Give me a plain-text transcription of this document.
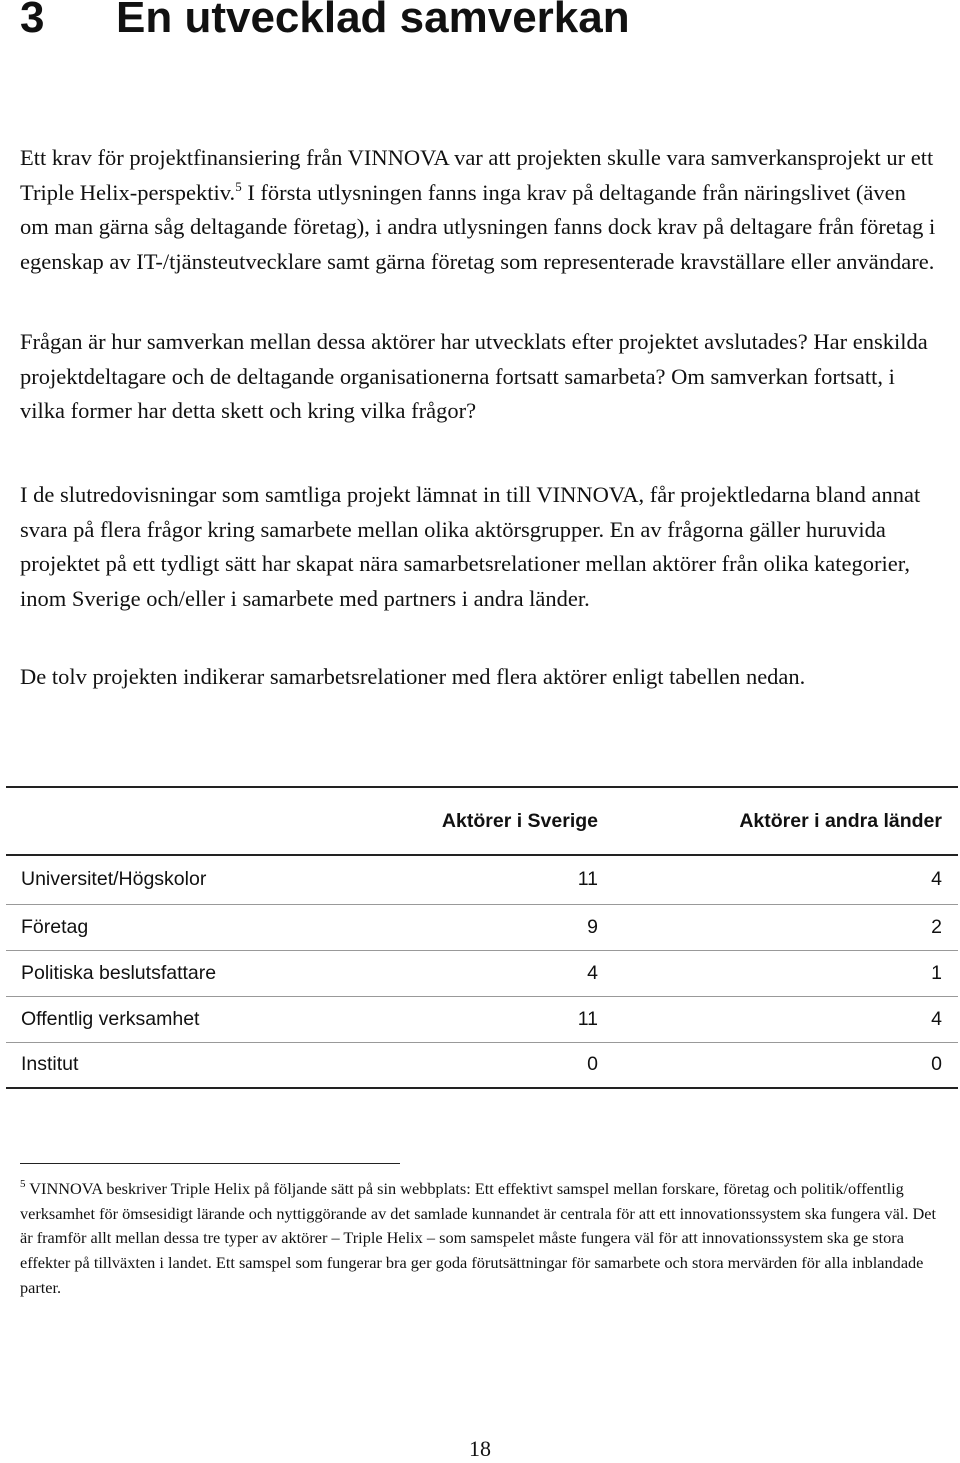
3 En utvecklad samverkan

Ett krav för projektfinansiering från VINNOVA var att projekten skulle vara samverkansprojekt ur ett Triple Helix-perspektiv.$^5$ I första utlysningen fanns inga krav på deltagande från näringslivet (även om man gärna såg deltagande företag), i andra utlysningen fanns dock krav på deltagare från företag i egenskap av IT-/tjänsteutvecklare samt gärna företag som representerade kravställare eller användare.

Frågan är hur samverkan mellan dessa aktörer har utvecklats efter projektet avslutades? Har enskilda projektdeltagare och de deltagande organisationerna fortsatt samarbeta? Om samverkan fortsatt, i vilka former har detta skett och kring vilka frågor?

I de slutredovisningar som samtliga projekt lämnat in till VINNOVA, får projektledarna bland annat svara på flera frågor kring samarbete mellan olika aktörsgrupper. En av frågorna gäller huruvida projektet på ett tydligt sätt har skapat nära samarbetsrelationer mellan aktörer från olika kategorier, inom Sverige och/eller i samarbete med partners i andra länder.

De tolv projekten indikerar samarbetsrelationer med flera aktörer enligt tabellen nedan.

	Aktörer i Sverige	Aktörer i andra länder
Universitet/Högskolor	11	4
Företag	9	2
Politiska beslutsfattare	4	1
Offentlig verksamhet	11	4
Institut	0	0

$^5$ VINNOVA beskriver Triple Helix på följande sätt på sin webbplats: Ett effektivt samspel mellan forskare, företag och politik/offentlig verksamhet för ömsesidigt lärande och nyttiggörande av det samlade kunnandet är centrala för att ett innovationssystem ska fungera väl. Det är framför allt mellan dessa tre typer av aktörer – Triple Helix – som samspelet måste fungera väl för att innovationssystem ska ge stora effekter på tillväxten i landet. Ett samspel som fungerar bra ger goda förutsättningar för samarbete och stora mervärden för alla inblandade parter.

18
